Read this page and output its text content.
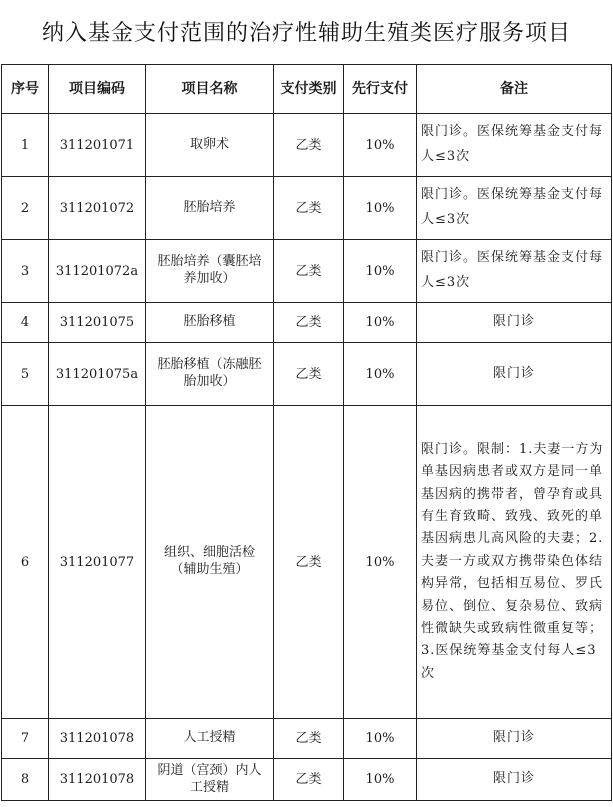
纳入基金支付范围的治疗性辅助生殖类医疗服务项目
序号	项目编码	项目名称	支付类别	先行支付	备注
1	311201071	取卵术	乙类	10%	限门诊。医保统筹基金支付每人≤3次
2	311201072	胚胎培养	乙类	10%	限门诊。医保统筹基金支付每人≤3次
3	311201072a	胚胎培养（囊胚培养加收）	乙类	10%	限门诊。医保统筹基金支付每人≤3次
4	311201075	胚胎移植	乙类	10%	限门诊
5	311201075a	胚胎移植（冻融胚胎加收）	乙类	10%	限门诊
6	311201077	组织、细胞活检（辅助生殖）	乙类	10%	限门诊。限制：1.夫妻一方为单基因病患者或双方是同一单基因病的携带者，曾孕育或具有生育致畸、致残、致死的单基因病患儿高风险的夫妻；2.夫妻一方或双方携带染色体结构异常，包括相互易位、罗氏易位、倒位、复杂易位、致病性微缺失或致病性微重复等；3.医保统筹基金支付每人≤3次
7	311201078	人工授精	乙类	10%	限门诊
8	311201078	阴道（宫颈）内人工授精	乙类	10%	限门诊
